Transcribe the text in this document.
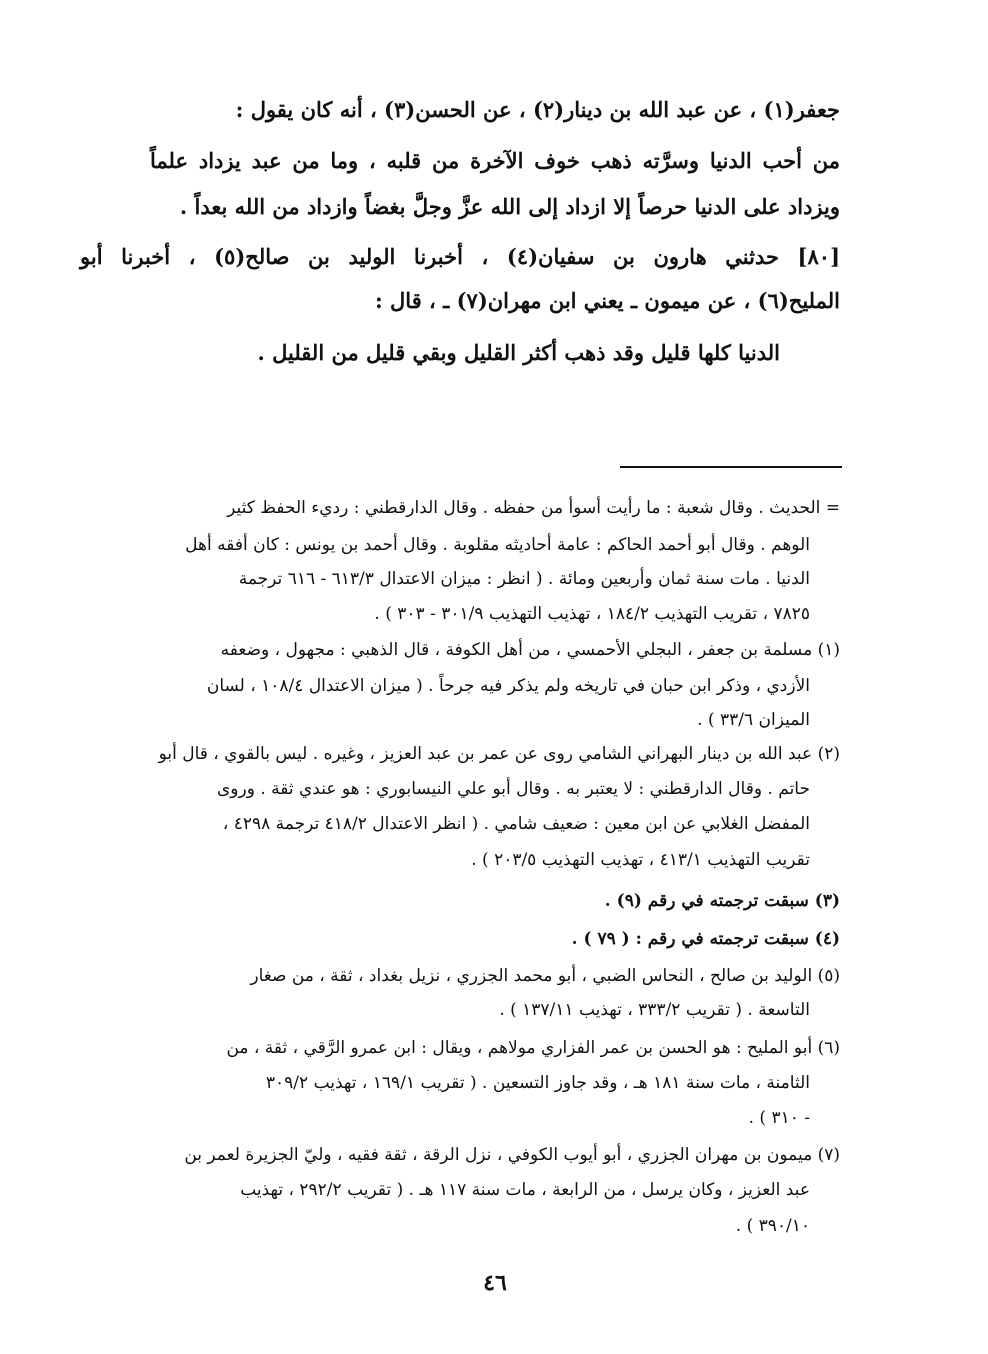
جعفر(١) ، عن عبد الله بن دينار(٢) ، عن الحسن(٣) ، أنه كان يقول :

من أحب الدنيا وسرَّته ذهب خوف الآخرة من قلبه ، وما من عبد يزداد علماً

ويزداد على الدنيا حرصاً إلا ازداد إلى الله عزَّ وجلَّ بغضاً وازداد من الله بعداً .

[٨٠] حدثني هارون بن سفيان(٤) ، أخبرنا الوليد بن صالح(٥) ، أخبرنا أبو

المليح(٦) ، عن ميمون ـ يعني ابن مهران(٧) ـ ، قال :

الدنيا كلها قليل وقد ذهب أكثر القليل وبقي قليل من القليل .

= الحديث . وقال شعبة : ما رأيت أسوأ من حفظه . وقال الدارقطني : رديء الحفظ كثير

الوهم . وقال أبو أحمد الحاكم : عامة أحاديثه مقلوبة . وقال أحمد بن يونس : كان أفقه أهل

الدنيا . مات سنة ثمان وأربعين ومائة . ( انظر : ميزان الاعتدال ٦١٣/٣ - ٦١٦ ترجمة

٧٨٢٥ ، تقريب التهذيب ١٨٤/٢ ، تهذيب التهذيب ٣٠١/٩ - ٣٠٣ ) .

(١) مسلمة بن جعفر ، البجلي الأحمسي ، من أهل الكوفة ، قال الذهبي : مجهول ، وضعفه

الأزدي ، وذكر ابن حبان في تاريخه ولم يذكر فيه جرحاً . ( ميزان الاعتدال ١٠٨/٤ ، لسان

الميزان ٣٣/٦ ) .

(٢) عبد الله بن دينار البهراني الشامي روى عن عمر بن عبد العزيز ، وغيره . ليس بالقوي ، قال أبو

حاتم . وقال الدارقطني : لا يعتبر به . وقال أبو علي النيسابوري : هو عندي ثقة . وروى

المفضل الغلابي عن ابن معين : ضعيف شامي . ( انظر الاعتدال ٤١٨/٢ ترجمة ٤٢٩٨ ،

تقريب التهذيب ٤١٣/١ ، تهذيب التهذيب ٢٠٣/٥ ) .

(٣) سبقت ترجمته في رقم (٩) .

(٤) سبقت ترجمته في رقم : ( ٧٩ ) .

(٥) الوليد بن صالح ، النحاس الضبي ، أبو محمد الجزري ، نزيل بغداد ، ثقة ، من صغار

التاسعة . ( تقريب ٣٣٣/٢ ، تهذيب ١٣٧/١١ ) .

(٦) أبو المليح : هو الحسن بن عمر الفزاري مولاهم ، ويقال : ابن عمرو الرَّقي ، ثقة ، من

الثامنة ، مات سنة ١٨١ هـ ، وقد جاوز التسعين . ( تقريب ١٦٩/١ ، تهذيب ٣٠٩/٢

- ٣١٠ ) .

(٧) ميمون بن مهران الجزري ، أبو أيوب الكوفي ، نزل الرقة ، ثقة فقيه ، وليّ الجزيرة لعمر بن

عبد العزيز ، وكان يرسل ، من الرابعة ، مات سنة ١١٧ هـ . ( تقريب ٢٩٢/٢ ، تهذيب

٣٩٠/١٠ ) .

٤٦
